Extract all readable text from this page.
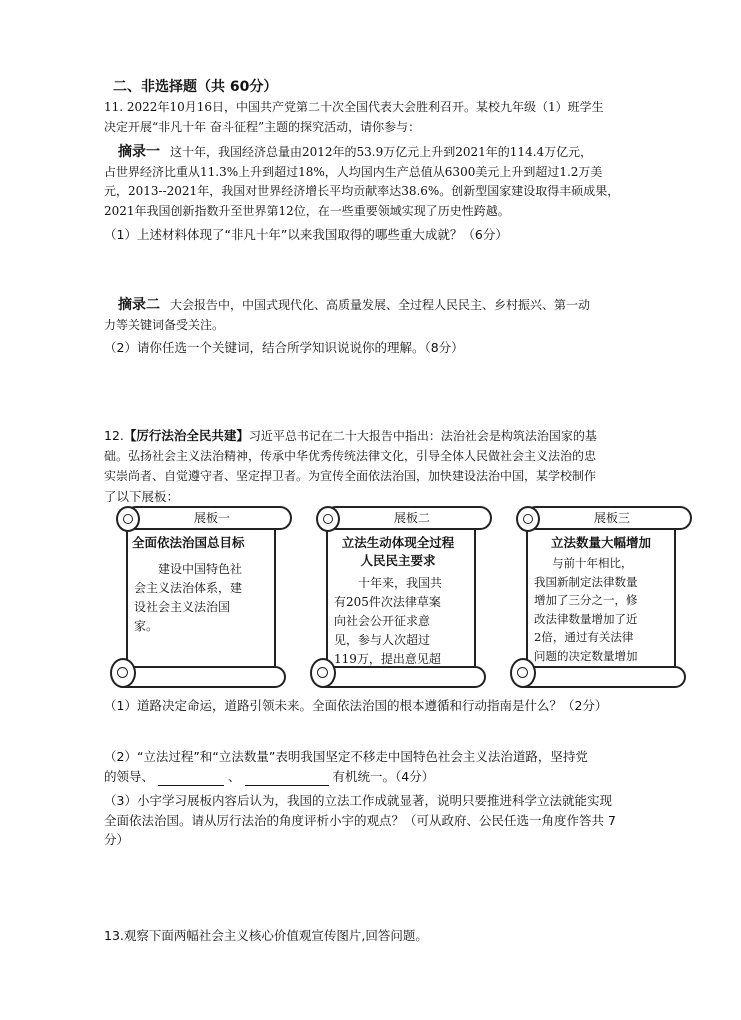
二、非选择题（共 60分）
11. 2022年10月16日，中国共产党第二十次全国代表大会胜利召开。某校九年级（1）班学生
决定开展“非凡十年 奋斗征程”主题的探究活动，请你参与：
摘录一 这十年，我国经济总量由2012年的53.9万亿元上升到2021年的114.4万亿元，
占世界经济比重从11.3%上升到超过18%，人均国内生产总值从6300美元上升到超过1.2万美
元，2013--2021年，我国对世界经济增长平均贡献率达38.6%。创新型国家建设取得丰硕成果，
2021年我国创新指数升至世界第12位，在一些重要领域实现了历史性跨越。
（1）上述材料体现了“非凡十年”以来我国取得的哪些重大成就？（6分）
摘录二 大会报告中，中国式现代化、高质量发展、全过程人民民主、乡村振兴、第一动
力等关键词备受关注。
（2）请你任选一个关键词，结合所学知识说说你的理解。（8分）
12.【厉行法治全民共建】习近平总书记在二十大报告中指出：法治社会是构筑法治国家的基
础。弘扬社会主义法治精神，传承中华优秀传统法律文化，引导全体人民做社会主义法治的忠
实崇尚者、自觉遵守者、坚定捍卫者。为宣传全面依法治国，加快建设法治中国，某学校制作
了以下展板：
全面依法治国总目标
建设中国特色社
会主义法治体系，建
设社会主义法治国
家。
展板一
立法生动体现全过程人民民主要求
十年来，我国共
有205件次法律草案
向社会公开征求意
见，参与人次超过
119万，提出意见超
展板二
立法数量大幅增加
与前十年相比，
我国新制定法律数量
增加了三分之一，修
改法律数量增加了近
2倍，通过有关法律
问题的决定数量增加
展板三
（1）道路决定命运，道路引领未来。全面依法治国的根本遵循和行动指南是什么？（2分）
（2）“立法过程”和“立法数量”表明我国坚定不移走中国特色社会主义法治道路，坚持党
的领导、	、	有机统一。（4分）
（3）小宇学习展板内容后认为，我国的立法工作成就显著，说明只要推进科学立法就能实现
全面依法治国。请从厉行法治的角度评析小宇的观点？（可从政府、公民任选一角度作答共 7
分）
13.观察下面两幅社会主义核心价值观宣传图片,回答问题。
